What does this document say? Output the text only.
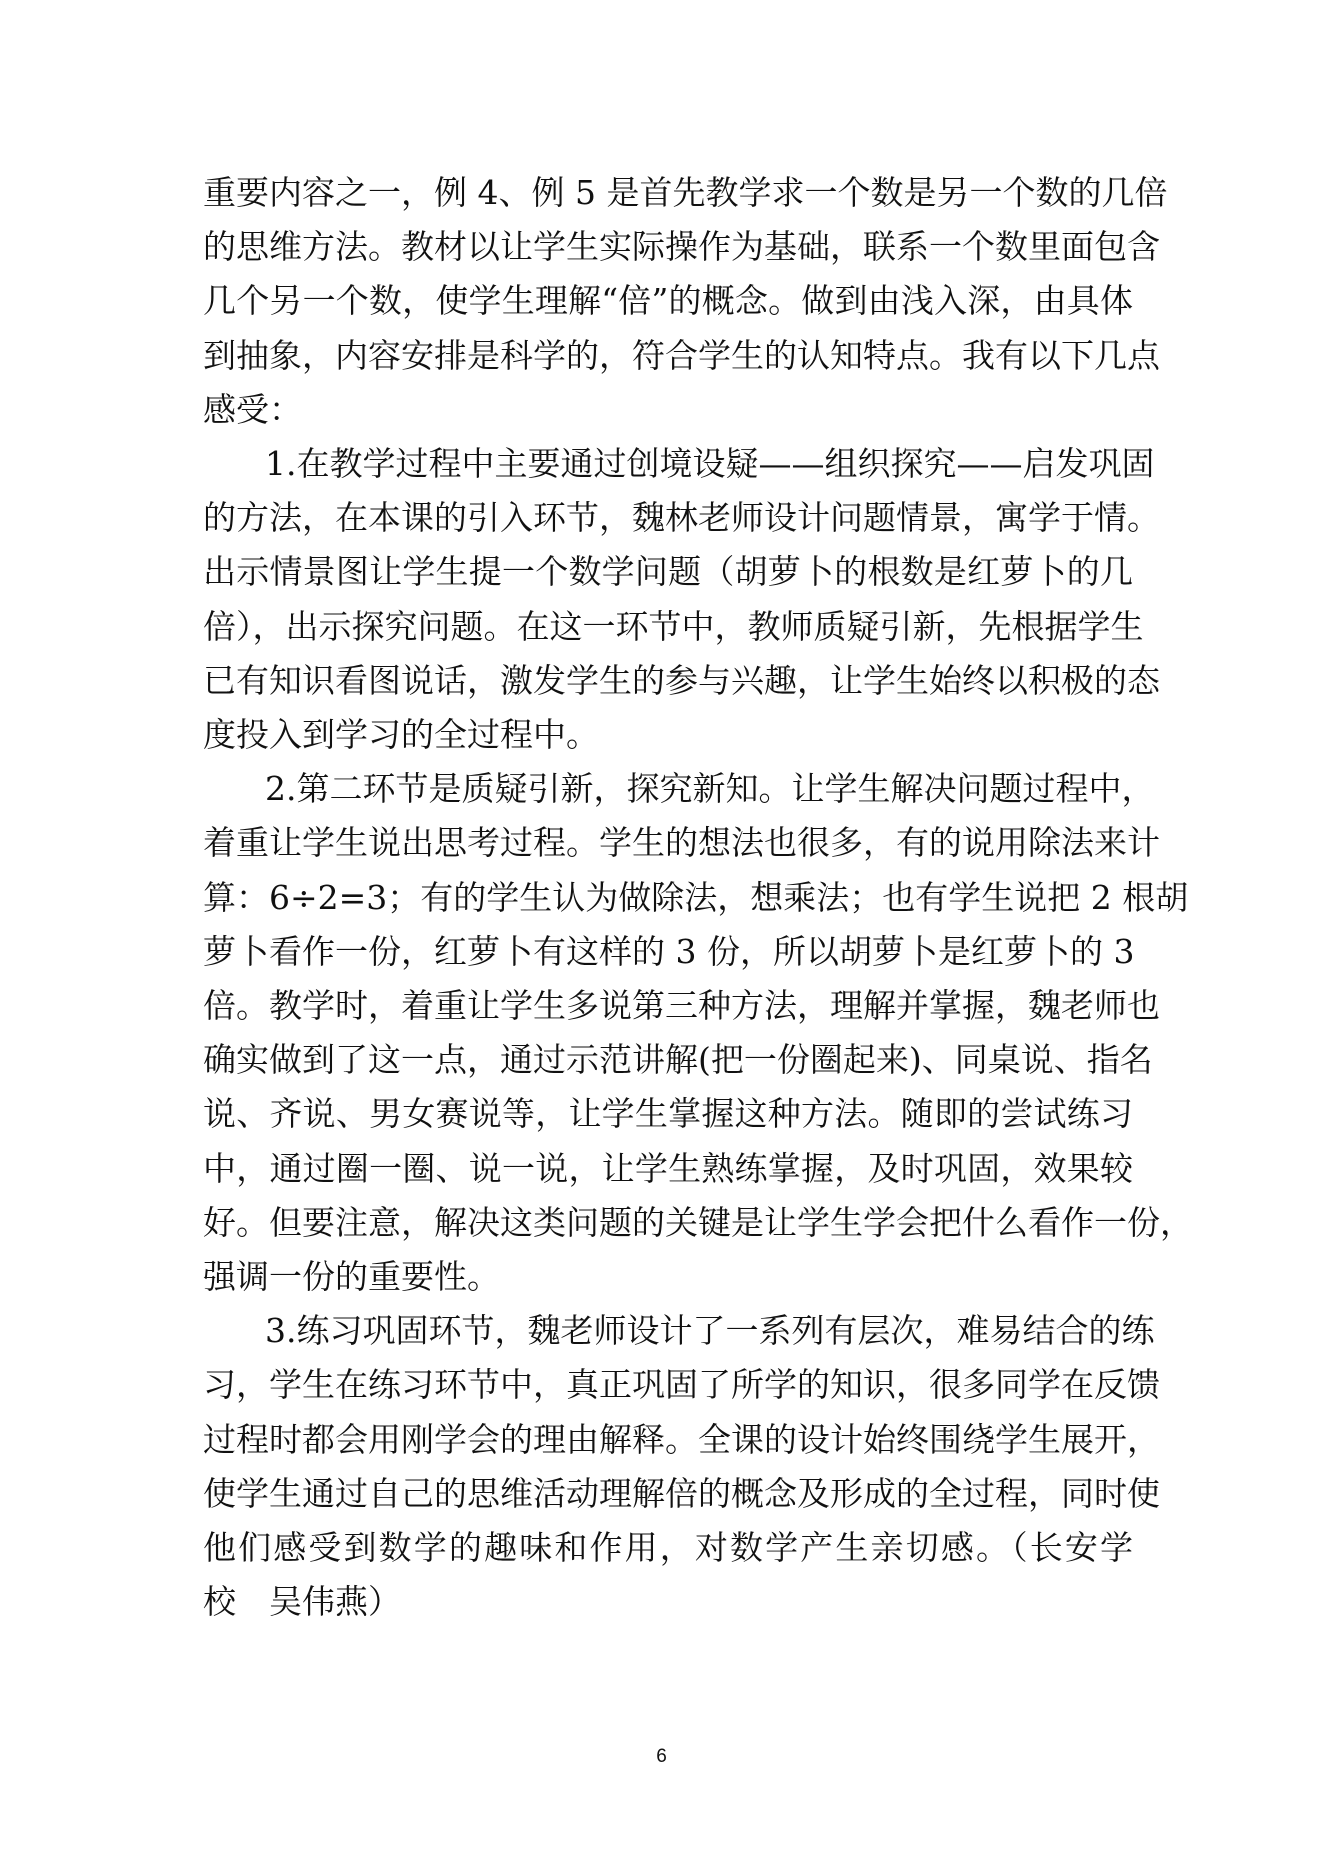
重要内容之一，例 4、例 5 是首先教学求一个数是另一个数的几倍
的思维方法。教材以让学生实际操作为基础，联系一个数里面包含
几个另一个数，使学生理解“倍”的概念。做到由浅入深，由具体
到抽象，内容安排是科学的，符合学生的认知特点。我有以下几点
感受：

1.在教学过程中主要通过创境设疑——组织探究——启发巩固
的方法，在本课的引入环节，魏林老师设计问题情景，寓学于情。
出示情景图让学生提一个数学问题（胡萝卜的根数是红萝卜的几
倍），出示探究问题。在这一环节中，教师质疑引新，先根据学生
已有知识看图说话，激发学生的参与兴趣，让学生始终以积极的态
度投入到学习的全过程中。

2.第二环节是质疑引新，探究新知。让学生解决问题过程中，
着重让学生说出思考过程。学生的想法也很多，有的说用除法来计
算：6÷2=3；有的学生认为做除法，想乘法；也有学生说把 2 根胡
萝卜看作一份，红萝卜有这样的 3 份，所以胡萝卜是红萝卜的 3
倍。教学时，着重让学生多说第三种方法，理解并掌握，魏老师也
确实做到了这一点，通过示范讲解(把一份圈起来)、同桌说、指名
说、齐说、男女赛说等，让学生掌握这种方法。随即的尝试练习
中，通过圈一圈、说一说，让学生熟练掌握，及时巩固，效果较
好。但要注意，解决这类问题的关键是让学生学会把什么看作一份，
强调一份的重要性。

3.练习巩固环节，魏老师设计了一系列有层次，难易结合的练
习，学生在练习环节中，真正巩固了所学的知识，很多同学在反馈
过程时都会用刚学会的理由解释。全课的设计始终围绕学生展开，
使学生通过自己的思维活动理解倍的概念及形成的全过程，同时使
他们感受到数学的趣味和作用，对数学产生亲切感。（长安学
校　吴伟燕）

6
